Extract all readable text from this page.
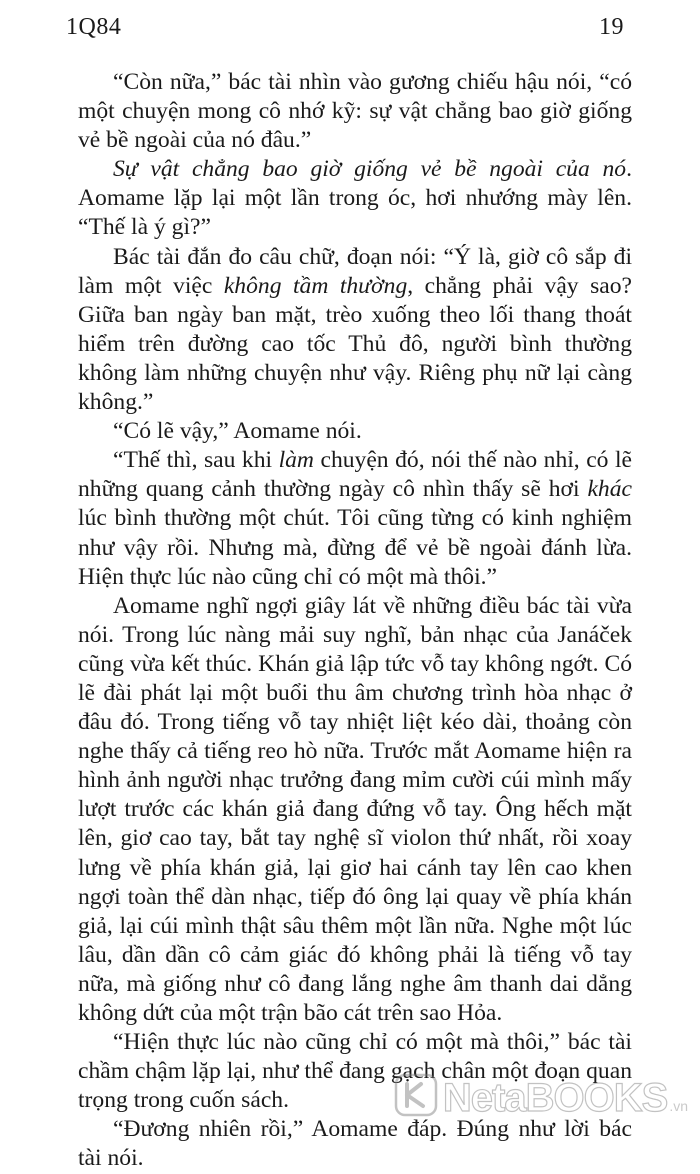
1Q84	19

“Còn nữa,” bác tài nhìn vào gương chiếu hậu nói, “có một chuyện mong cô nhớ kỹ: sự vật chẳng bao giờ giống vẻ bề ngoài của nó đâu.”

Sự vật chẳng bao giờ giống vẻ bề ngoài của nó. Aomame lặp lại một lần trong óc, hơi nhướng mày lên. “Thế là ý gì?”

Bác tài đắn đo câu chữ, đoạn nói: “Ý là, giờ cô sắp đi làm một việc không tầm thường, chẳng phải vậy sao? Giữa ban ngày ban mặt, trèo xuống theo lối thang thoát hiểm trên đường cao tốc Thủ đô, người bình thường không làm những chuyện như vậy. Riêng phụ nữ lại càng không.”

“Có lẽ vậy,” Aomame nói.

“Thế thì, sau khi làm chuyện đó, nói thế nào nhỉ, có lẽ những quang cảnh thường ngày cô nhìn thấy sẽ hơi khác lúc bình thường một chút. Tôi cũng từng có kinh nghiệm như vậy rồi. Nhưng mà, đừng để vẻ bề ngoài đánh lừa. Hiện thực lúc nào cũng chỉ có một mà thôi.”

Aomame nghĩ ngợi giây lát về những điều bác tài vừa nói. Trong lúc nàng mải suy nghĩ, bản nhạc của Janáček cũng vừa kết thúc. Khán giả lập tức vỗ tay không ngớt. Có lẽ đài phát lại một buổi thu âm chương trình hòa nhạc ở đâu đó. Trong tiếng vỗ tay nhiệt liệt kéo dài, thoảng còn nghe thấy cả tiếng reo hò nữa. Trước mắt Aomame hiện ra hình ảnh người nhạc trưởng đang mỉm cười cúi mình mấy lượt trước các khán giả đang đứng vỗ tay. Ông hếch mặt lên, giơ cao tay, bắt tay nghệ sĩ violon thứ nhất, rồi xoay lưng về phía khán giả, lại giơ hai cánh tay lên cao khen ngợi toàn thể dàn nhạc, tiếp đó ông lại quay về phía khán giả, lại cúi mình thật sâu thêm một lần nữa. Nghe một lúc lâu, dần dần cô cảm giác đó không phải là tiếng vỗ tay nữa, mà giống như cô đang lắng nghe âm thanh dai dẳng không dứt của một trận bão cát trên sao Hỏa.

“Hiện thực lúc nào cũng chỉ có một mà thôi,” bác tài chầm chậm lặp lại, như thể đang gạch chân một đoạn quan trọng trong cuốn sách.

“Đương nhiên rồi,” Aomame đáp. Đúng như lời bác tài nói.

NetaBOOKS .vn
